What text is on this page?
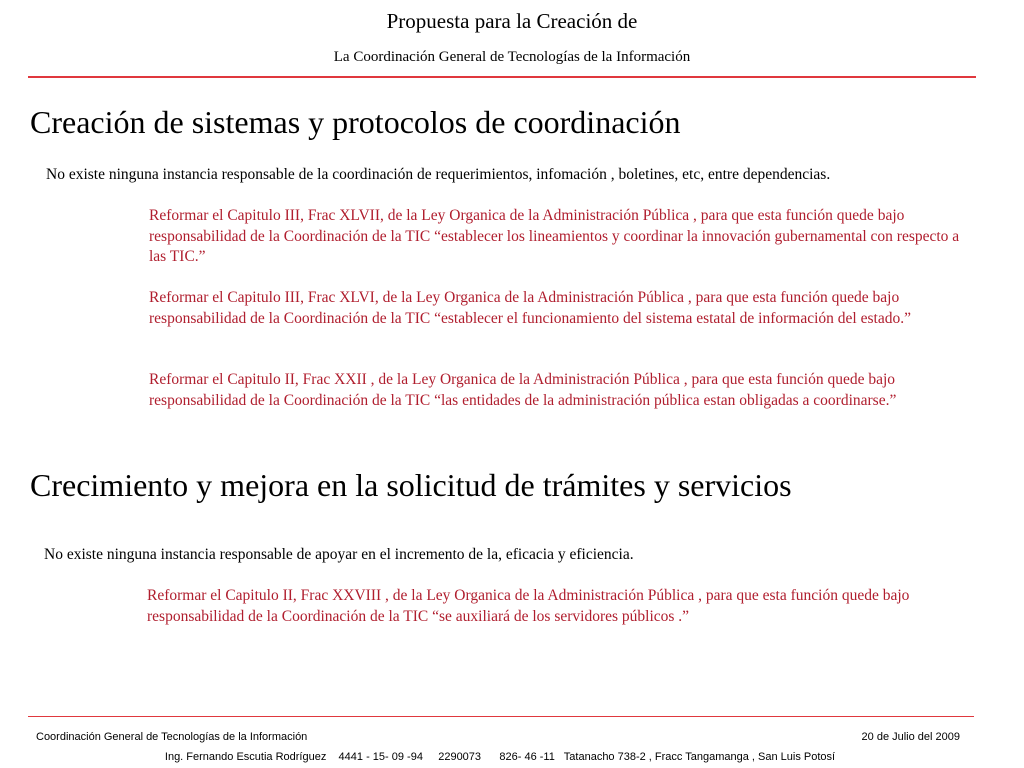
Propuesta para la Creación de
La Coordinación General de Tecnologías de la Información
Creación de sistemas y protocolos de coordinación
No existe ninguna instancia responsable de la coordinación de requerimientos, infomación , boletines, etc, entre dependencias.
Reformar el Capitulo III, Frac XLVII, de la Ley Organica de la Administración Pública , para que esta función quede bajo responsabilidad de la Coordinación de la TIC “establecer los lineamientos y coordinar la innovación gubernamental con respecto a las TIC.”
Reformar el Capitulo III, Frac XLVI, de la Ley Organica de la Administración Pública , para que esta función quede bajo responsabilidad de la Coordinación de la TIC “establecer el funcionamiento del sistema estatal de información del estado.”
Reformar el Capitulo II, Frac XXII , de la Ley Organica de la Administración Pública , para que esta función quede bajo responsabilidad de la Coordinación de la TIC “las entidades de la administración pública estan obligadas a coordinarse.”
Crecimiento y mejora en la solicitud de trámites y servicios
No existe ninguna instancia responsable de apoyar en el incremento de la, eficacia y eficiencia.
Reformar el Capitulo II, Frac XXVIII , de la Ley Organica de la Administración Pública , para que esta función quede bajo responsabilidad de la Coordinación de la TIC “se auxiliará de los servidores públicos .”
Coordinación General de Tecnologías de la Información	20 de Julio del 2009
Ing. Fernando Escutia Rodríguez    4441 - 15- 09 -94     2290073      826- 46 -11   Tatanacho 738-2 , Fracc Tangamanga , San Luis Potosí
